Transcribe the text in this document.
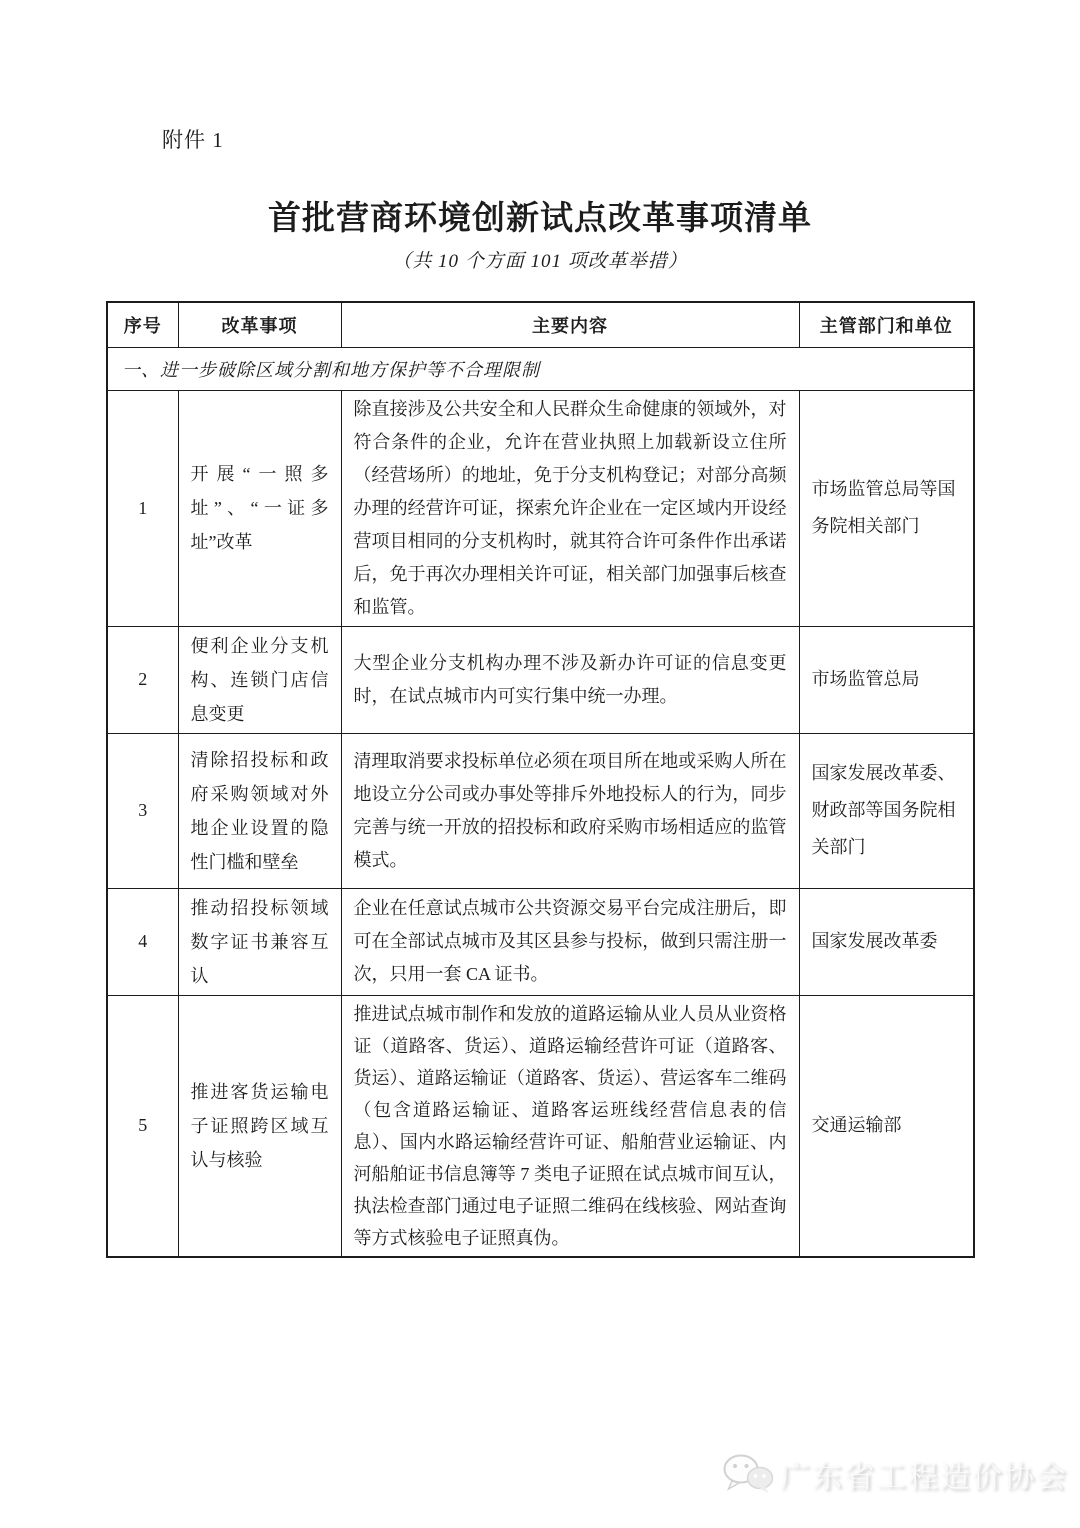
附件 1
首批营商环境创新试点改革事项清单
（共 10 个方面 101 项改革举措）
序号	改革事项	主要内容	主管部门和单位
一、进一步破除区域分割和地方保护等不合理限制			
1	开展“一照多址”、“一证多址”改革	除直接涉及公共安全和人民群众生命健康的领域外，对符合条件的企业，允许在营业执照上加载新设立住所（经营场所）的地址，免于分支机构登记；对部分高频办理的经营许可证，探索允许企业在一定区域内开设经营项目相同的分支机构时，就其符合许可条件作出承诺后，免于再次办理相关许可证，相关部门加强事后核查和监管。	市场监管总局等国务院相关部门
2	便利企业分支机构、连锁门店信息变更	大型企业分支机构办理不涉及新办许可证的信息变更时，在试点城市内可实行集中统一办理。	市场监管总局
3	清除招投标和政府采购领域对外地企业设置的隐性门槛和壁垒	清理取消要求投标单位必须在项目所在地或采购人所在地设立分公司或办事处等排斥外地投标人的行为，同步完善与统一开放的招投标和政府采购市场相适应的监管模式。	国家发展改革委、财政部等国务院相关部门
4	推动招投标领域数字证书兼容互认	企业在任意试点城市公共资源交易平台完成注册后，即可在全部试点城市及其区县参与投标，做到只需注册一次，只用一套 CA 证书。	国家发展改革委
5	推进客货运输电子证照跨区域互认与核验	推进试点城市制作和发放的道路运输从业人员从业资格证（道路客、货运）、道路运输经营许可证（道路客、货运）、道路运输证（道路客、货运）、营运客车二维码（包含道路运输证、道路客运班线经营信息表的信息）、国内水路运输经营许可证、船舶营业运输证、内河船舶证书信息簿等 7 类电子证照在试点城市间互认，执法检查部门通过电子证照二维码在线核验、网站查询等方式核验电子证照真伪。	交通运输部
广东省工程造价协会
